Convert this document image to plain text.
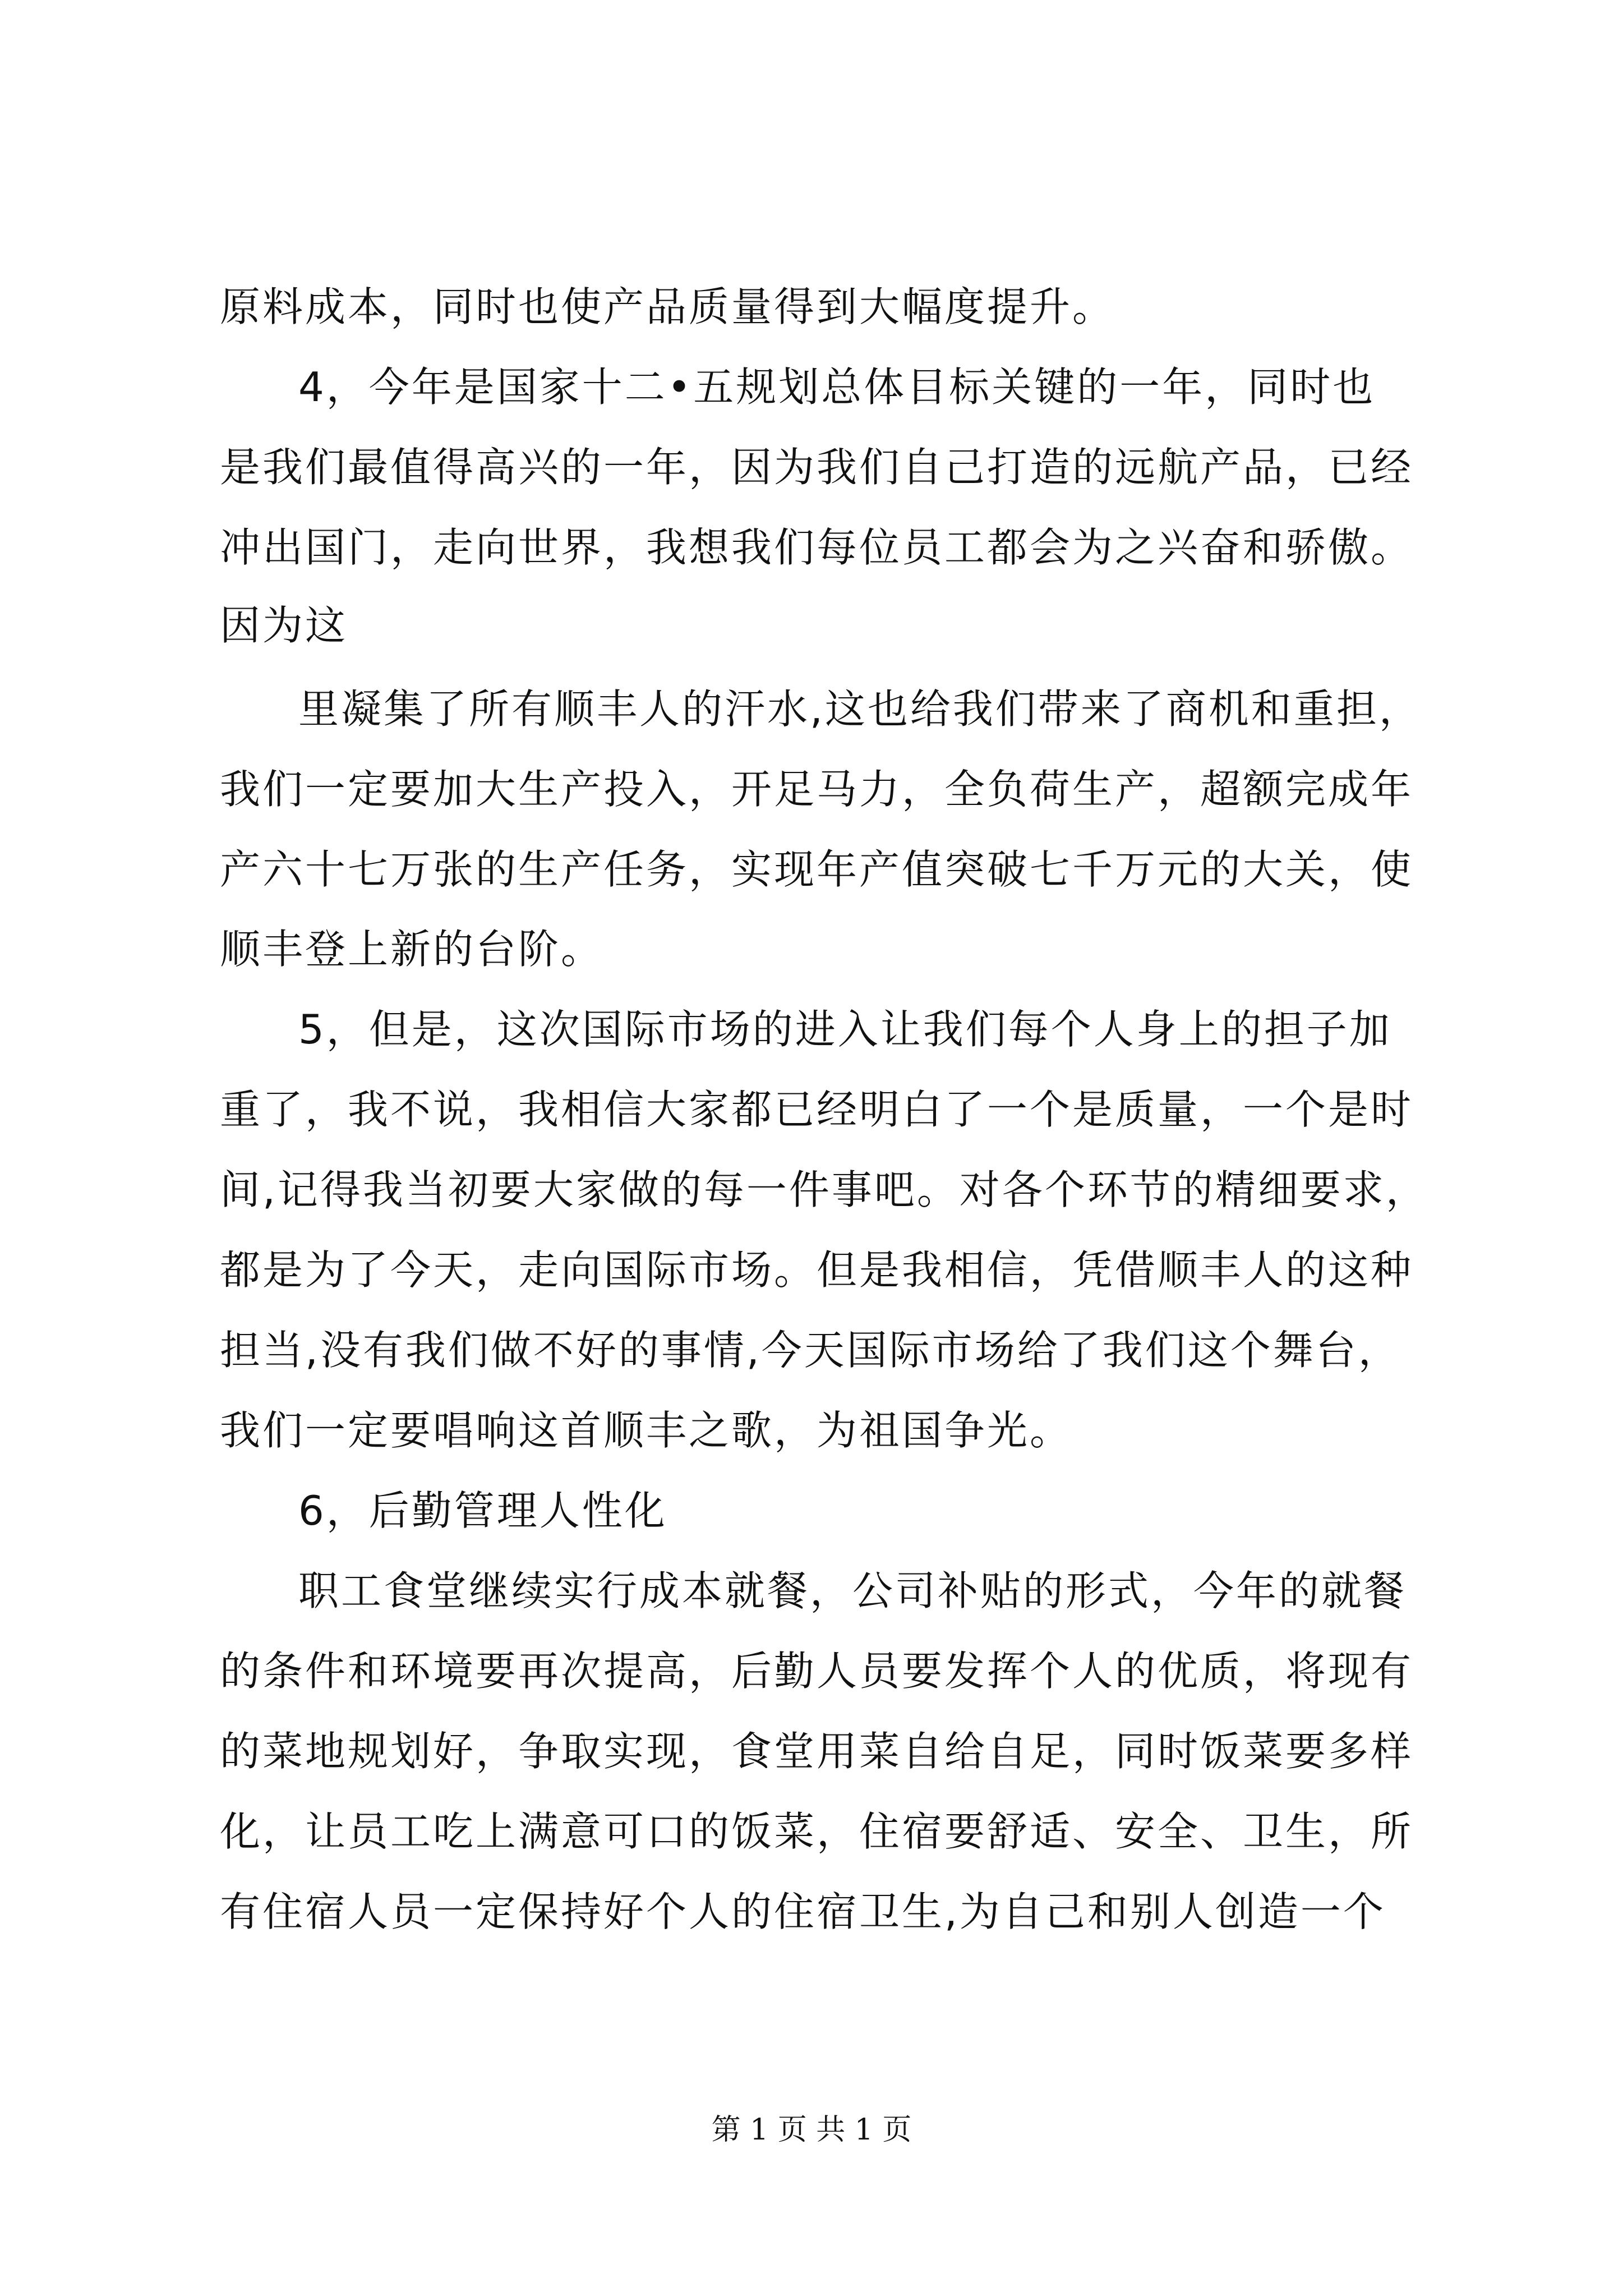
原料成本，同时也使产品质量得到大幅度提升。
4，今年是国家十二•五规划总体目标关键的一年，同时也
是我们最值得高兴的一年，因为我们自己打造的远航产品，已经
冲出国门，走向世界，我想我们每位员工都会为之兴奋和骄傲。
因为这
里凝集了所有顺丰人的汗水,这也给我们带来了商机和重担，
我们一定要加大生产投入，开足马力，全负荷生产，超额完成年
产六十七万张的生产任务，实现年产值突破七千万元的大关，使
顺丰登上新的台阶。
5，但是，这次国际市场的进入让我们每个人身上的担子加
重了，我不说，我相信大家都已经明白了一个是质量，一个是时
间,记得我当初要大家做的每一件事吧。对各个环节的精细要求，
都是为了今天，走向国际市场。但是我相信，凭借顺丰人的这种
担当,没有我们做不好的事情,今天国际市场给了我们这个舞台，
我们一定要唱响这首顺丰之歌，为祖国争光。
6，后勤管理人性化
职工食堂继续实行成本就餐，公司补贴的形式，今年的就餐
的条件和环境要再次提高，后勤人员要发挥个人的优质，将现有
的菜地规划好，争取实现，食堂用菜自给自足，同时饭菜要多样
化，让员工吃上满意可口的饭菜，住宿要舒适、安全、卫生，所
有住宿人员一定保持好个人的住宿卫生,为自己和别人创造一个
第 1 页 共 1 页
